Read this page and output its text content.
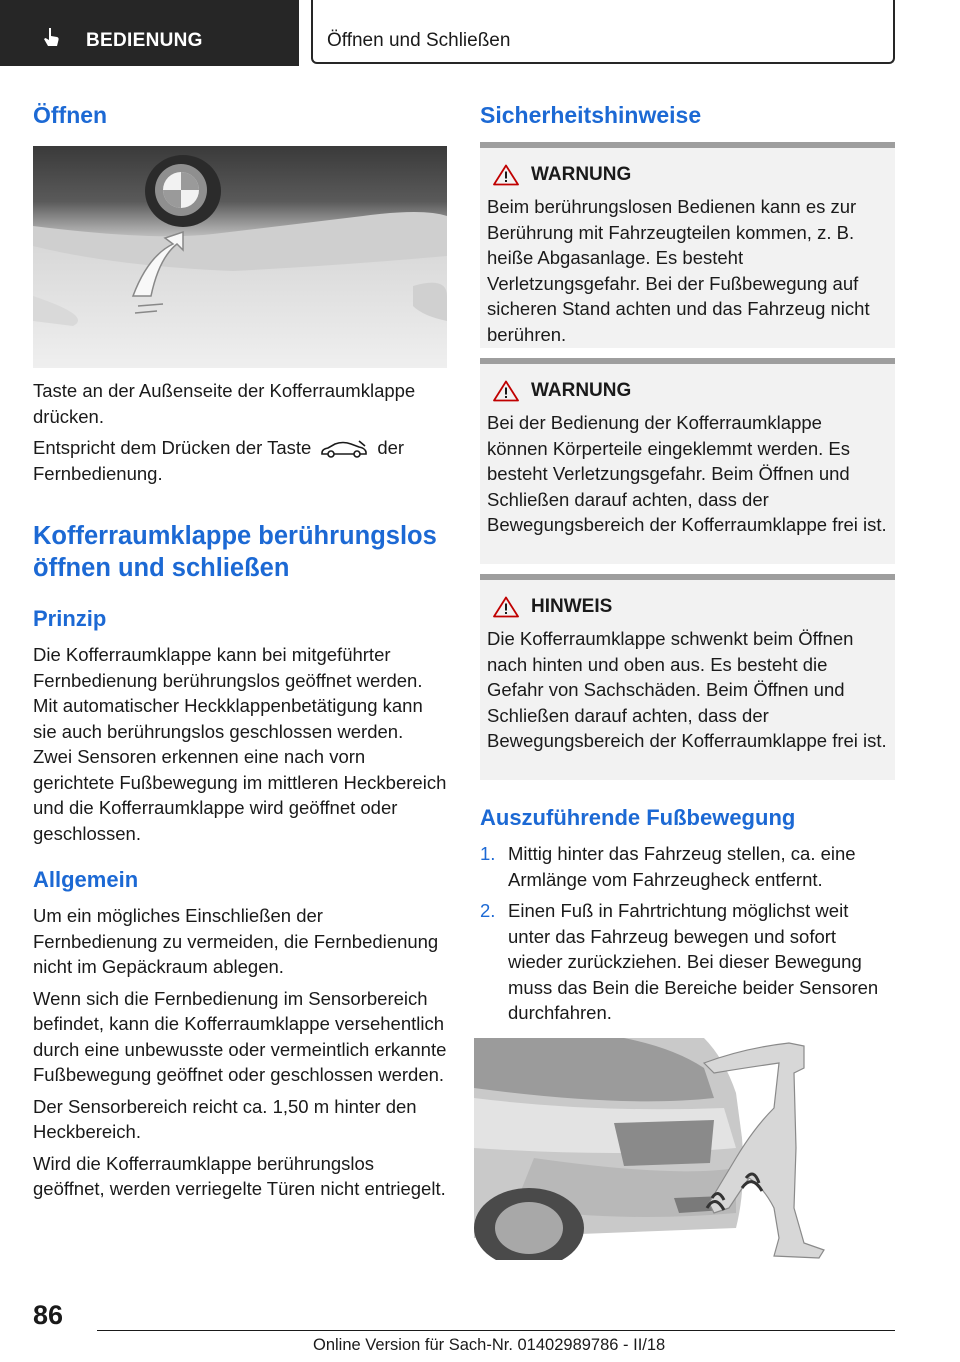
BEDIENUNG	Öffnen und Schließen
Öffnen

Taste an der Außenseite der Kofferraumklappe drücken.

Entspricht dem Drücken der Taste	der Fernbedienung.

Kofferraumklappe berührungslos öffnen und schließen
Prinzip

Die Kofferraumklappe kann bei mitgeführter Fernbedienung berührungslos geöffnet werden. Mit automatischer Heckklappenbetätigung kann sie auch berührungslos geschlossen werden. Zwei Sensoren erkennen eine nach vorn gerichtete Fußbewegung im mittleren Heckbereich und die Kofferraumklappe wird geöffnet oder geschlossen.

Allgemein

Um ein mögliches Einschließen der Fernbedienung zu vermeiden, die Fernbedienung nicht im Gepäckraum ablegen.

Wenn sich die Fernbedienung im Sensorbereich befindet, kann die Kofferraumklappe versehentlich durch eine unbewusste oder vermeintlich erkannte Fußbewegung geöffnet oder geschlossen werden.

Der Sensorbereich reicht ca. 1,50 m hinter den Heckbereich.

Wird die Kofferraumklappe berührungslos geöffnet, werden verriegelte Türen nicht entriegelt.

Sicherheitshinweise
WARNUNG

Beim berührungslosen Bedienen kann es zur Berührung mit Fahrzeugteilen kommen, z. B. heiße Abgasanlage. Es besteht Verletzungsgefahr. Bei der Fußbewegung auf sicheren Stand achten und das Fahrzeug nicht berühren.

WARNUNG

Bei der Bedienung der Kofferraumklappe können Körperteile eingeklemmt werden. Es besteht Verletzungsgefahr. Beim Öffnen und Schließen darauf achten, dass der Bewegungsbereich der Kofferraumklappe frei ist.

HINWEIS

Die Kofferraumklappe schwenkt beim Öffnen nach hinten und oben aus. Es besteht die Gefahr von Sachschäden. Beim Öffnen und Schließen darauf achten, dass der Bewegungsbereich der Kofferraumklappe frei ist.

Auszuführende Fußbewegung
1. Mittig hinter das Fahrzeug stellen, ca. eine Armlänge vom Fahrzeugheck entfernt.

2. Einen Fuß in Fahrtrichtung möglichst weit unter das Fahrzeug bewegen und sofort wieder zurückziehen. Bei dieser Bewegung muss das Bein die Bereiche beider Sensoren durchfahren.

86
Online Version für Sach-Nr. 01402989786 - II/18
